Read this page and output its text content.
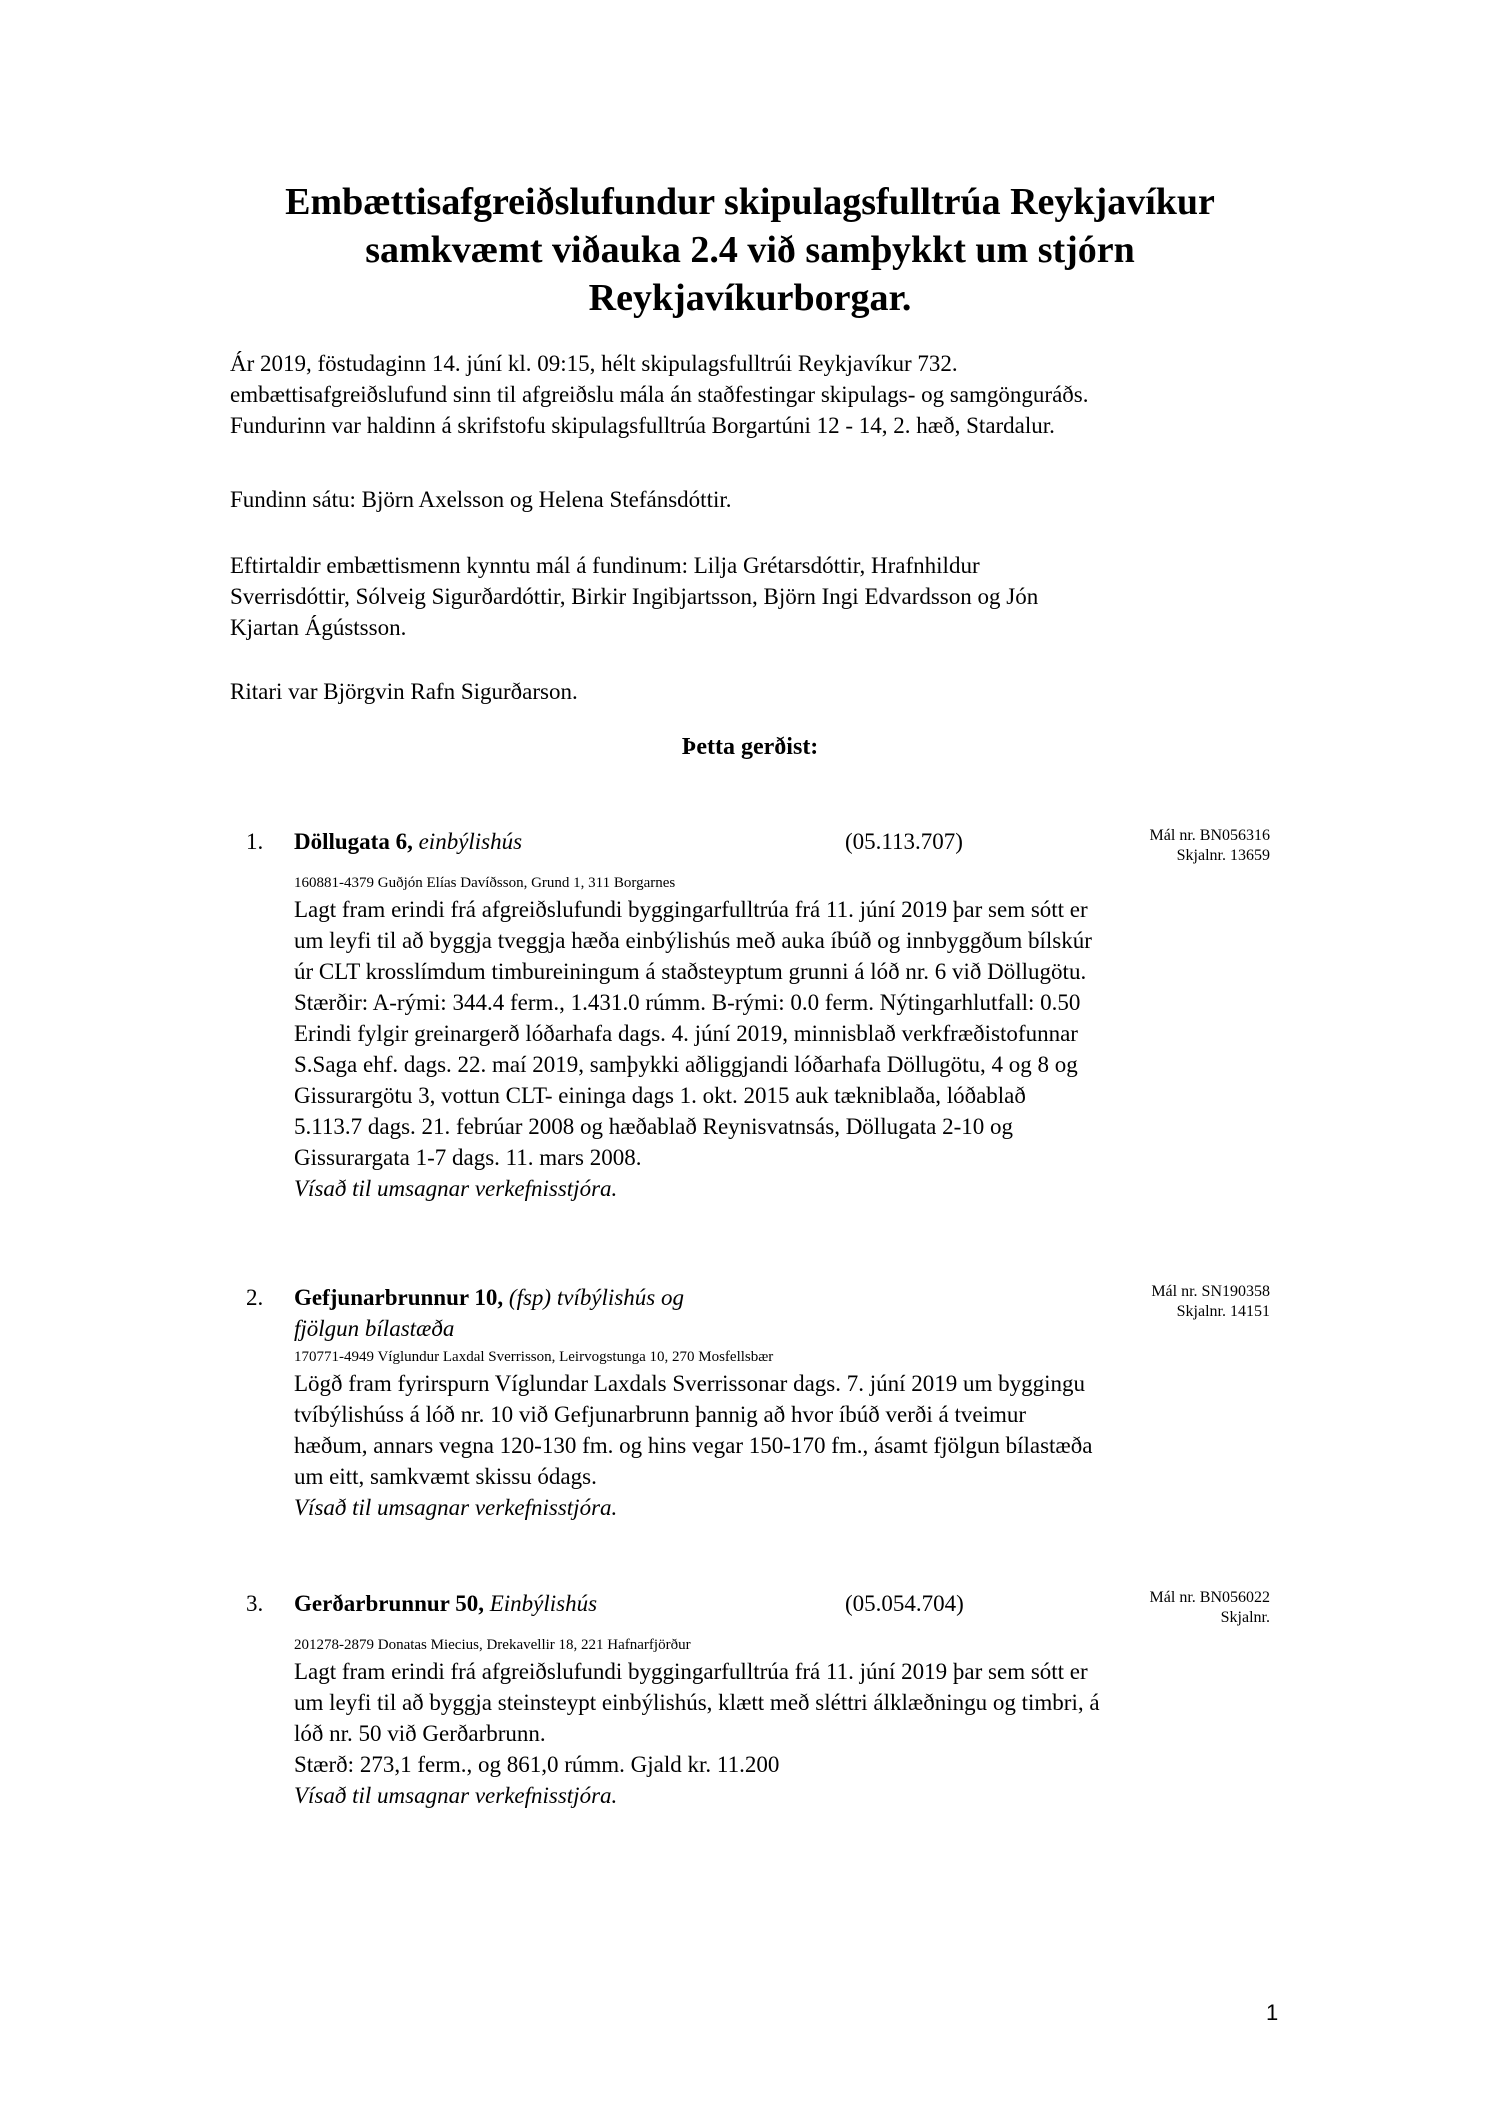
Embættisafgreiðslufundur skipulagsfulltrúa Reykjavíkur samkvæmt viðauka 2.4 við samþykkt um stjórn Reykjavíkurborgar.
Ár 2019, föstudaginn 14. júní kl. 09:15, hélt skipulagsfulltrúi Reykjavíkur 732.
embættisafgreiðslufund sinn til afgreiðslu mála án staðfestingar skipulags- og samgönguráðs.
Fundurinn var haldinn á skrifstofu skipulagsfulltrúa Borgartúni 12 - 14, 2. hæð, Stardalur.
Fundinn sátu: Björn Axelsson og Helena Stefánsdóttir.
Eftirtaldir embættismenn kynntu mál á fundinum: Lilja Grétarsdóttir, Hrafnhildur
Sverrisdóttir, Sólveig Sigurðardóttir, Birkir Ingibjartsson, Björn Ingi Edvardsson og Jón
Kjartan Ágústsson.
Ritari var Björgvin Rafn Sigurðarson.
Þetta gerðist:
1. Döllugata 6, einbýlishús	(05.113.707)	Mál nr. BN056316
Skjalnr. 13659
160881-4379 Guðjón Elías Davíðsson, Grund 1, 311 Borgarnes
Lagt fram erindi frá afgreiðslufundi byggingarfulltrúa frá 11. júní 2019 þar sem sótt er
um leyfi til að byggja tveggja hæða einbýlishús með auka íbúð og innbyggðum bílskúr
úr CLT krosslímdum timbureiningum á staðsteyptum grunni á lóð nr. 6 við Döllugötu.
Stærðir: A-rými: 344.4 ferm., 1.431.0 rúmm. B-rými: 0.0 ferm. Nýtingarhlutfall: 0.50
Erindi fylgir greinargerð lóðarhafa dags. 4. júní 2019, minnisblað verkfræðistofunnar
S.Saga ehf. dags. 22. maí 2019, samþykki aðliggjandi lóðarhafa Döllugötu, 4 og 8 og
Gissurargötu 3, vottun CLT- eininga dags 1. okt. 2015 auk tækniblaða, lóðablað
5.113.7 dags. 21. febrúar 2008 og hæðablað Reynisvatnsás, Döllugata 2-10 og
Gissurargata 1-7 dags. 11. mars 2008.
Vísað til umsagnar verkefnisstjóra.
2. Gefjunarbrunnur 10, (fsp) tvíbýlishús og
fjölgun bílastæða
Mál nr. SN190358
Skjalnr. 14151
170771-4949 Víglundur Laxdal Sverrisson, Leirvogstunga 10, 270 Mosfellsbær
Lögð fram fyrirspurn Víglundar Laxdals Sverrissonar dags. 7. júní 2019 um byggingu
tvíbýlishúss á lóð nr. 10 við Gefjunarbrunn þannig að hvor íbúð verði á tveimur
hæðum, annars vegna 120-130 fm. og hins vegar 150-170 fm., ásamt fjölgun bílastæða
um eitt, samkvæmt skissu ódags.
Vísað til umsagnar verkefnisstjóra.
3. Gerðarbrunnur 50, Einbýlishús	(05.054.704)	Mál nr. BN056022
Skjalnr.
201278-2879 Donatas Miecius, Drekavellir 18, 221 Hafnarfjörður
Lagt fram erindi frá afgreiðslufundi byggingarfulltrúa frá 11. júní 2019 þar sem sótt er
um leyfi til að byggja steinsteypt einbýlishús, klætt með sléttri álklæðningu og timbri, á
lóð nr. 50 við Gerðarbrunn.
Stærð: 273,1 ferm., og 861,0 rúmm. Gjald kr. 11.200
Vísað til umsagnar verkefnisstjóra.
1
